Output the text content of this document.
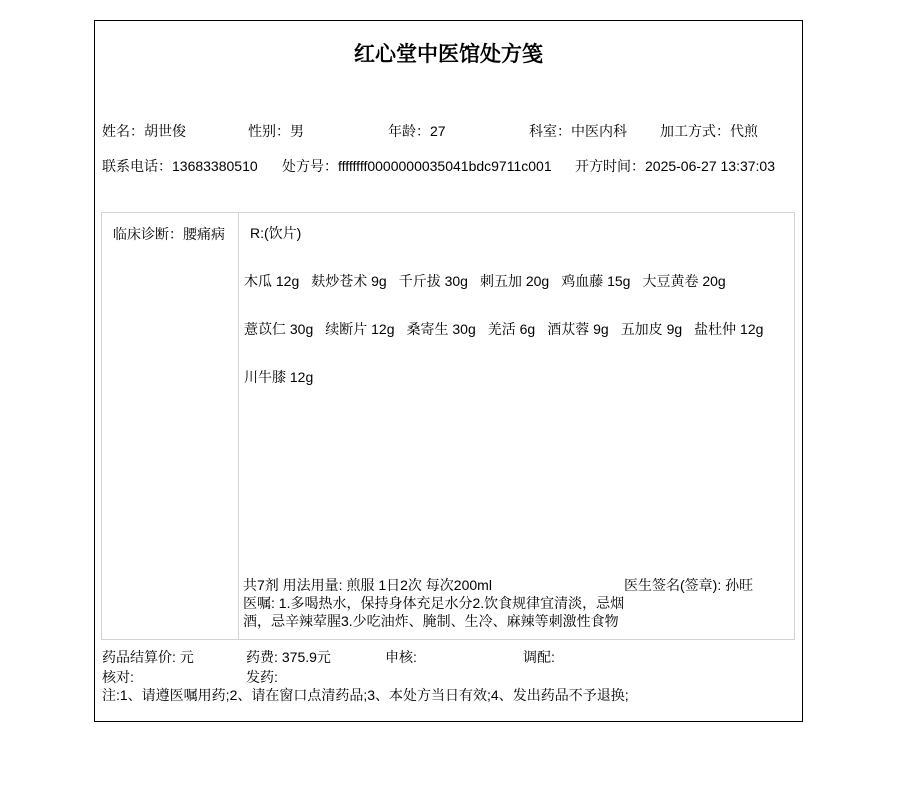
红心堂中医馆处方笺
姓名：胡世俊	性别：男	年龄：27	科室：中医内科 加工方式：代煎
联系电话：13683380510 处方号：ffffffff0000000035041bdc9711c001 开方时间：2025-06-27 13:37:03
临床诊断：腰痛病	R:(饮片)

木瓜 12g 麸炒苍术 9g 千斤拔 30g 刺五加 20g 鸡血藤 15g 大豆黄卷 20g

薏苡仁 30g 续断片 12g 桑寄生 30g 羌活 6g 酒苁蓉 9g 五加皮 9g 盐杜仲 12g

川牛膝 12g

共7剂 用法用量: 煎服 1日2次 每次200ml	医生签名(签章): 孙旺

医嘱: 1.多喝热水，保持身体充足水分2.饮食规律宜清淡，忌烟酒，忌辛辣荤腥3.少吃油炸、腌制、生冷、麻辣等刺激性食物

药品结算价: 元	药费: 375.9元	申核:	调配:
核对:	发药:

注:1、请遵医嘱用药;2、请在窗口点清药品;3、本处方当日有效;4、发出药品不予退换;
